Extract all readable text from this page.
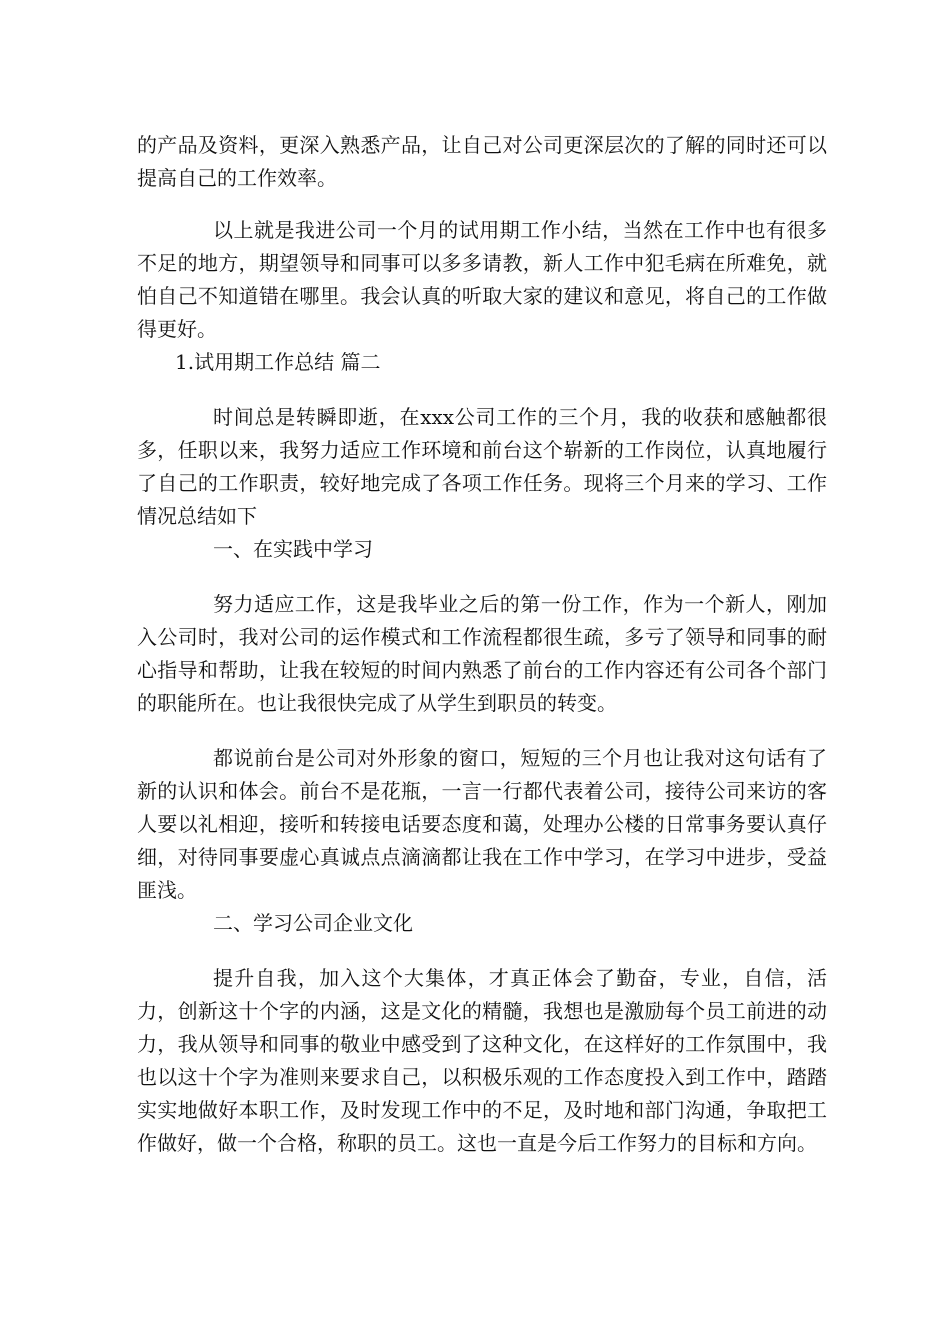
的产品及资料，更深入熟悉产品，让自己对公司更深层次的了解的同时还可以提高自己的工作效率。

以上就是我进公司一个月的试用期工作小结，当然在工作中也有很多不足的地方，期望领导和同事可以多多请教，新人工作中犯毛病在所难免，就怕自己不知道错在哪里。我会认真的听取大家的建议和意见，将自己的工作做得更好。

1.试用期工作总结 篇二

时间总是转瞬即逝，在xxx公司工作的三个月，我的收获和感触都很多，任职以来，我努力适应工作环境和前台这个崭新的工作岗位，认真地履行了自己的工作职责，较好地完成了各项工作任务。现将三个月来的学习、工作情况总结如下

一、在实践中学习

努力适应工作，这是我毕业之后的第一份工作，作为一个新人，刚加入公司时，我对公司的运作模式和工作流程都很生疏，多亏了领导和同事的耐心指导和帮助，让我在较短的时间内熟悉了前台的工作内容还有公司各个部门的职能所在。也让我很快完成了从学生到职员的转变。

都说前台是公司对外形象的窗口，短短的三个月也让我对这句话有了新的认识和体会。前台不是花瓶，一言一行都代表着公司，接待公司来访的客人要以礼相迎，接听和转接电话要态度和蔼，处理办公楼的日常事务要认真仔细，对待同事要虚心真诚点点滴滴都让我在工作中学习，在学习中进步，受益匪浅。

二、学习公司企业文化

提升自我，加入这个大集体，才真正体会了勤奋，专业，自信，活力，创新这十个字的内涵，这是文化的精髓，我想也是激励每个员工前进的动力，我从领导和同事的敬业中感受到了这种文化，在这样好的工作氛围中，我也以这十个字为准则来要求自己，以积极乐观的工作态度投入到工作中，踏踏实实地做好本职工作，及时发现工作中的不足，及时地和部门沟通，争取把工作做好，做一个合格，称职的员工。这也一直是今后工作努力的目标和方向。
